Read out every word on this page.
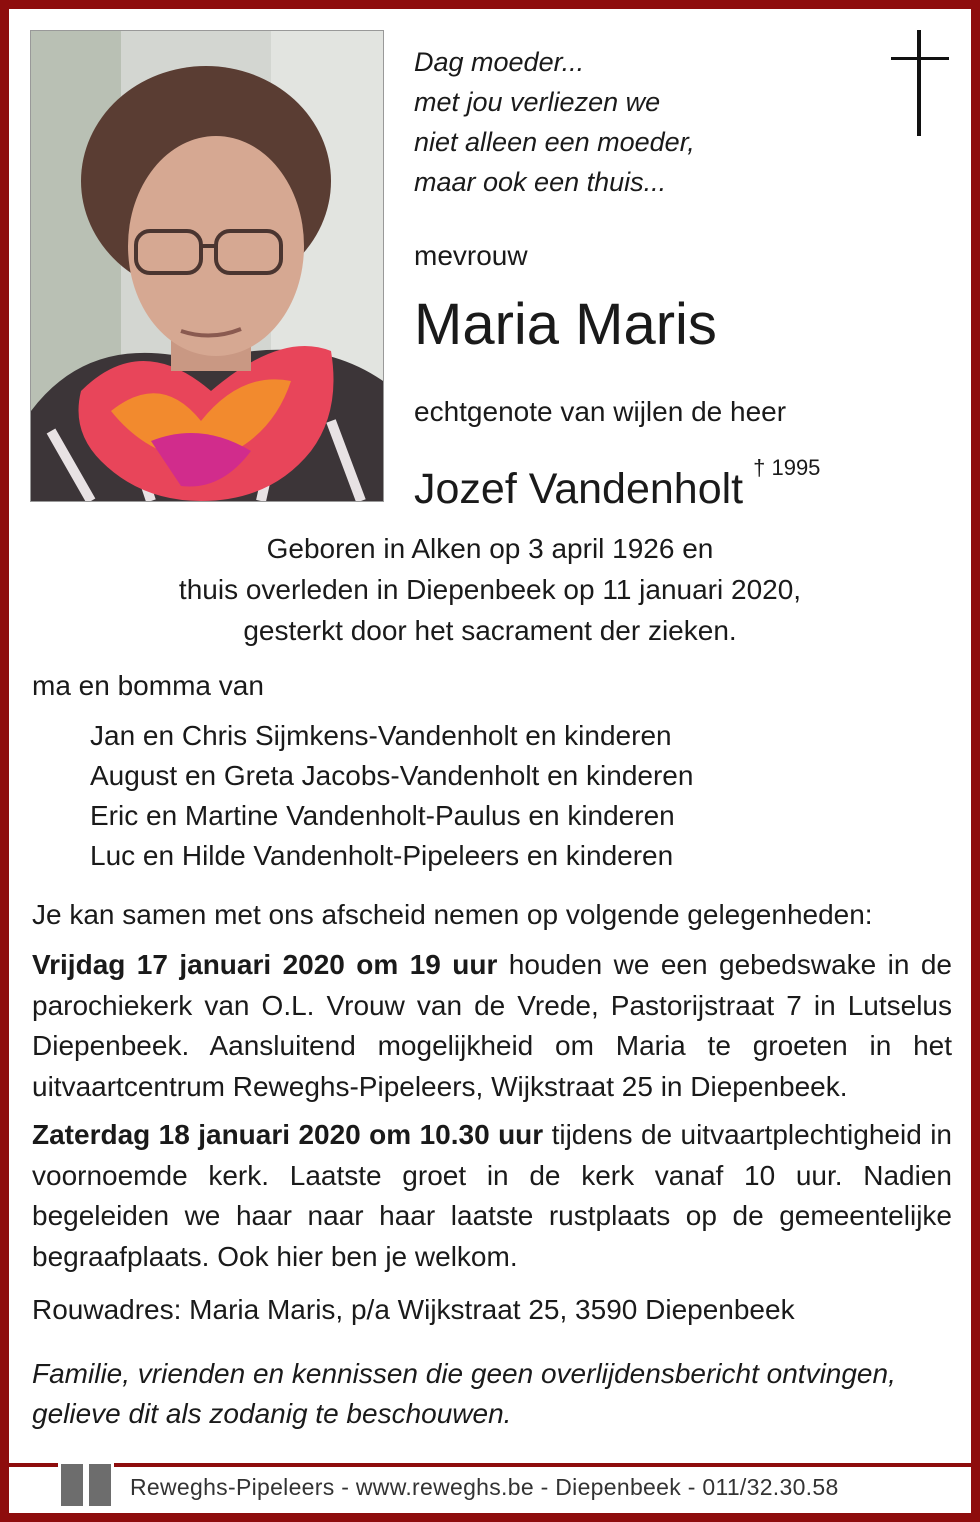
Dag moeder...
met jou verliezen we
niet alleen een moeder,
maar ook een thuis...
mevrouw
Maria Maris
echtgenote van wijlen de heer
Jozef Vandenholt $^{\dagger 1995}$
Geboren in Alken op 3 april 1926 en
thuis overleden in Diepenbeek op 11 januari 2020,
gesterkt door het sacrament der zieken.
ma en bomma van
Jan en Chris Sijmkens-Vandenholt en kinderen
August en Greta Jacobs-Vandenholt en kinderen
Eric en Martine Vandenholt-Paulus en kinderen
Luc en Hilde Vandenholt-Pipeleers en kinderen
Je kan samen met ons afscheid nemen op volgende gelegenheden:
Vrijdag 17 januari 2020 om 19 uur houden we een gebedswake in de parochiekerk van O.L. Vrouw van de Vrede, Pastorijstraat 7 in Lutselus Diepenbeek. Aansluitend mogelijkheid om Maria te groeten in het uitvaartcentrum Reweghs-Pipeleers, Wijkstraat 25 in Diepenbeek.
Zaterdag 18 januari 2020 om 10.30 uur tijdens de uitvaartplechtigheid in voornoemde kerk. Laatste groet in de kerk vanaf 10 uur. Nadien begeleiden we haar naar haar laatste rustplaats op de gemeentelijke begraafplaats. Ook hier ben je welkom.
Rouwadres: Maria Maris, p/a Wijkstraat 25, 3590 Diepenbeek
Familie, vrienden en kennissen die geen overlijdensbericht ontvingen,
gelieve dit als zodanig te beschouwen.
Reweghs-Pipeleers - www.reweghs.be - Diepenbeek - 011/32.30.58
